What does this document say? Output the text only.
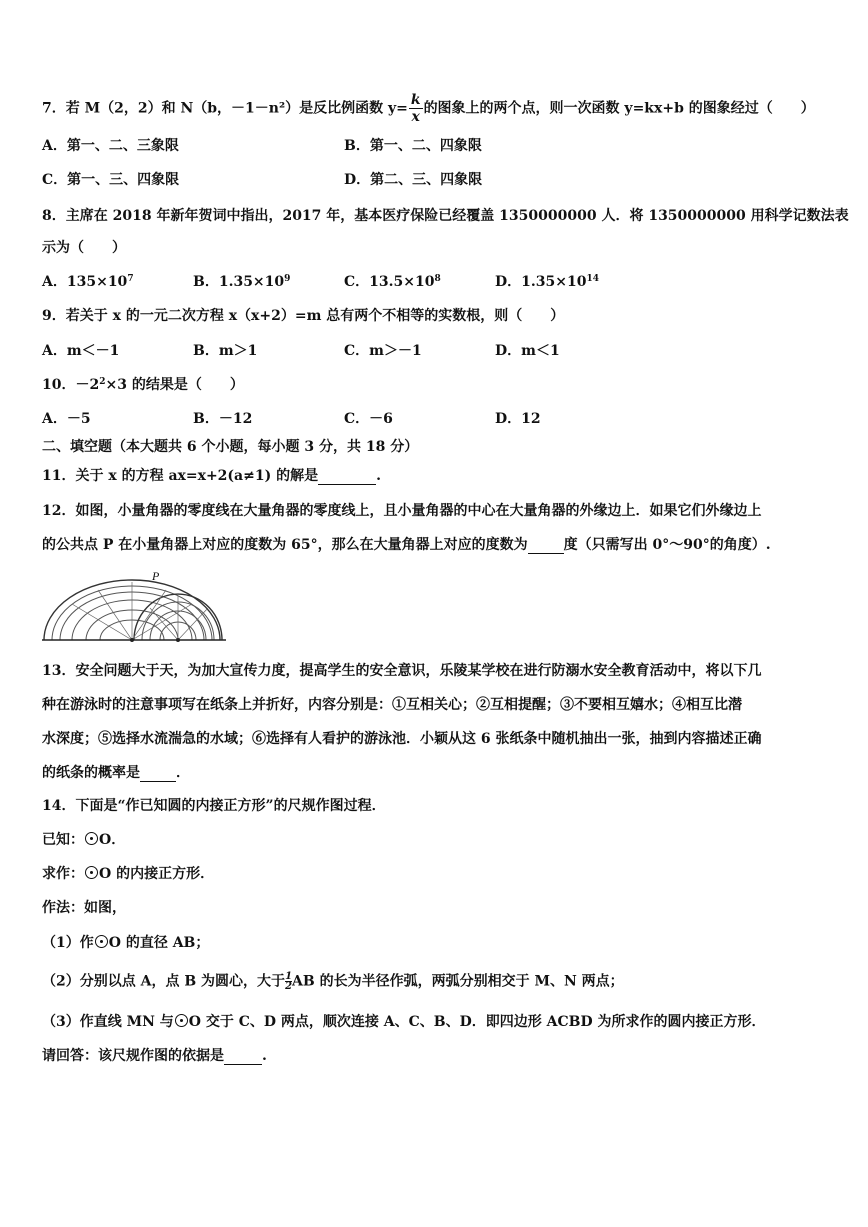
7．若 M（2，2）和 N（b，－1－n²）是反比例函数 $y= \frac{k}{x}$ 的图象上的两个点，则一次函数 y=kx+b 的图象经过（　　）
A．第一、二、三象限	B．第一、二、四象限
C．第一、三、四象限	D．第二、三、四象限
8．主席在 2018 年新年贺词中指出，2017 年，基本医疗保险已经覆盖 1350000000 人．将 1350000000 用科学记数法表
示为（　　）
A．$135\times 10^7$	B．$1.35\times 10^9$	C．$13.5\times 10^8$	D．$1.35\times 10^{14}$
9．若关于 x 的一元二次方程 x（x+2）=m 总有两个不相等的实数根，则（　　）
A．m＜－1	B．m＞1	C．m＞－1	D．m＜1
10．$-2^2\times 3$ 的结果是（　　）
A．－5	B．－12	C．－6	D．12
二、填空题（本大题共 6 个小题，每小题 3 分，共 18 分）
11．关于 x 的方程 ax=x+2(a≠1) 的解是	.
12．如图，小量角器的零度线在大量角器的零度线上，且小量角器的中心在大量角器的外缘边上．如果它们外缘边上
的公共点 P 在小量角器上对应的度数为 65°，那么在大量角器上对应的度数为	度（只需写出 0°～90°的角度）.
P
13．安全问题大于天，为加大宣传力度，提高学生的安全意识，乐陵某学校在进行防溺水安全教育活动中，将以下几
种在游泳时的注意事项写在纸条上并折好，内容分别是：①互相关心；②互相提醒；③不要相互嬉水；④相互比潜
水深度；⑤选择水流湍急的水域；⑥选择有人看护的游泳池．小颖从这 6 张纸条中随机抽出一张，抽到内容描述正确
的纸条的概率是	．
14．下面是“作已知圆的内接正方形”的尺规作图过程．
已知： O．
求作： O 的内接正方形．
作法：如图，
（1）作 O 的直径 AB；
（2）分别以点 A，点 B 为圆心，大于 $\frac{1}{2}$ AB 的长为半径作弧，两弧分别相交于 M、N 两点；
（3）作直线 MN 与 O 交于 C、D 两点，顺次连接 A、C、B、D．即四边形 ACBD 为所求作的圆内接正方形．
请回答：该尺规作图的依据是	.
